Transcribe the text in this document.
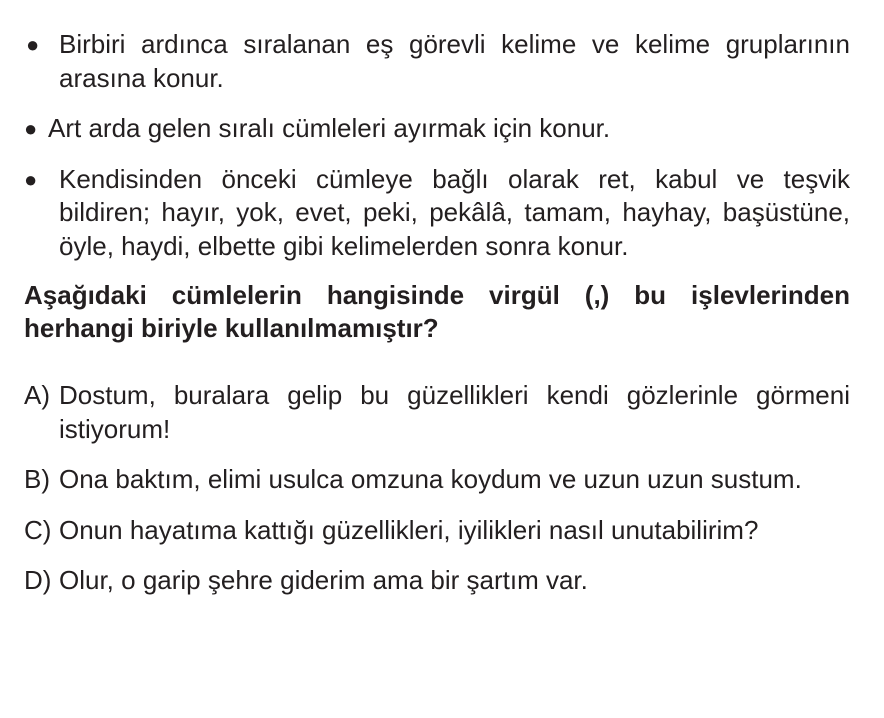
● Birbiri ardınca sıralanan eş görevli kelime ve kelime gruplarının arasına konur.
● Art arda gelen sıralı cümleleri ayırmak için konur.
● Kendisinden önceki cümleye bağlı olarak ret, kabul ve teşvik bildiren; hayır, yok, evet, peki, pekâlâ, tamam, hayhay, başüstüne, öyle, haydi, elbette gibi kelimelerden sonra konur.
Aşağıdaki cümlelerin hangisinde virgül (,) bu işlevlerinden herhangi biriyle kullanılmamıştır?
A) Dostum, buralara gelip bu güzellikleri kendi gözlerinle görmeni istiyorum!
B) Ona baktım, elimi usulca omzuna koydum ve uzun uzun sustum.
C) Onun hayatıma kattığı güzellikleri, iyilikleri nasıl unutabilirim?
D) Olur, o garip şehre giderim ama bir şartım var.
